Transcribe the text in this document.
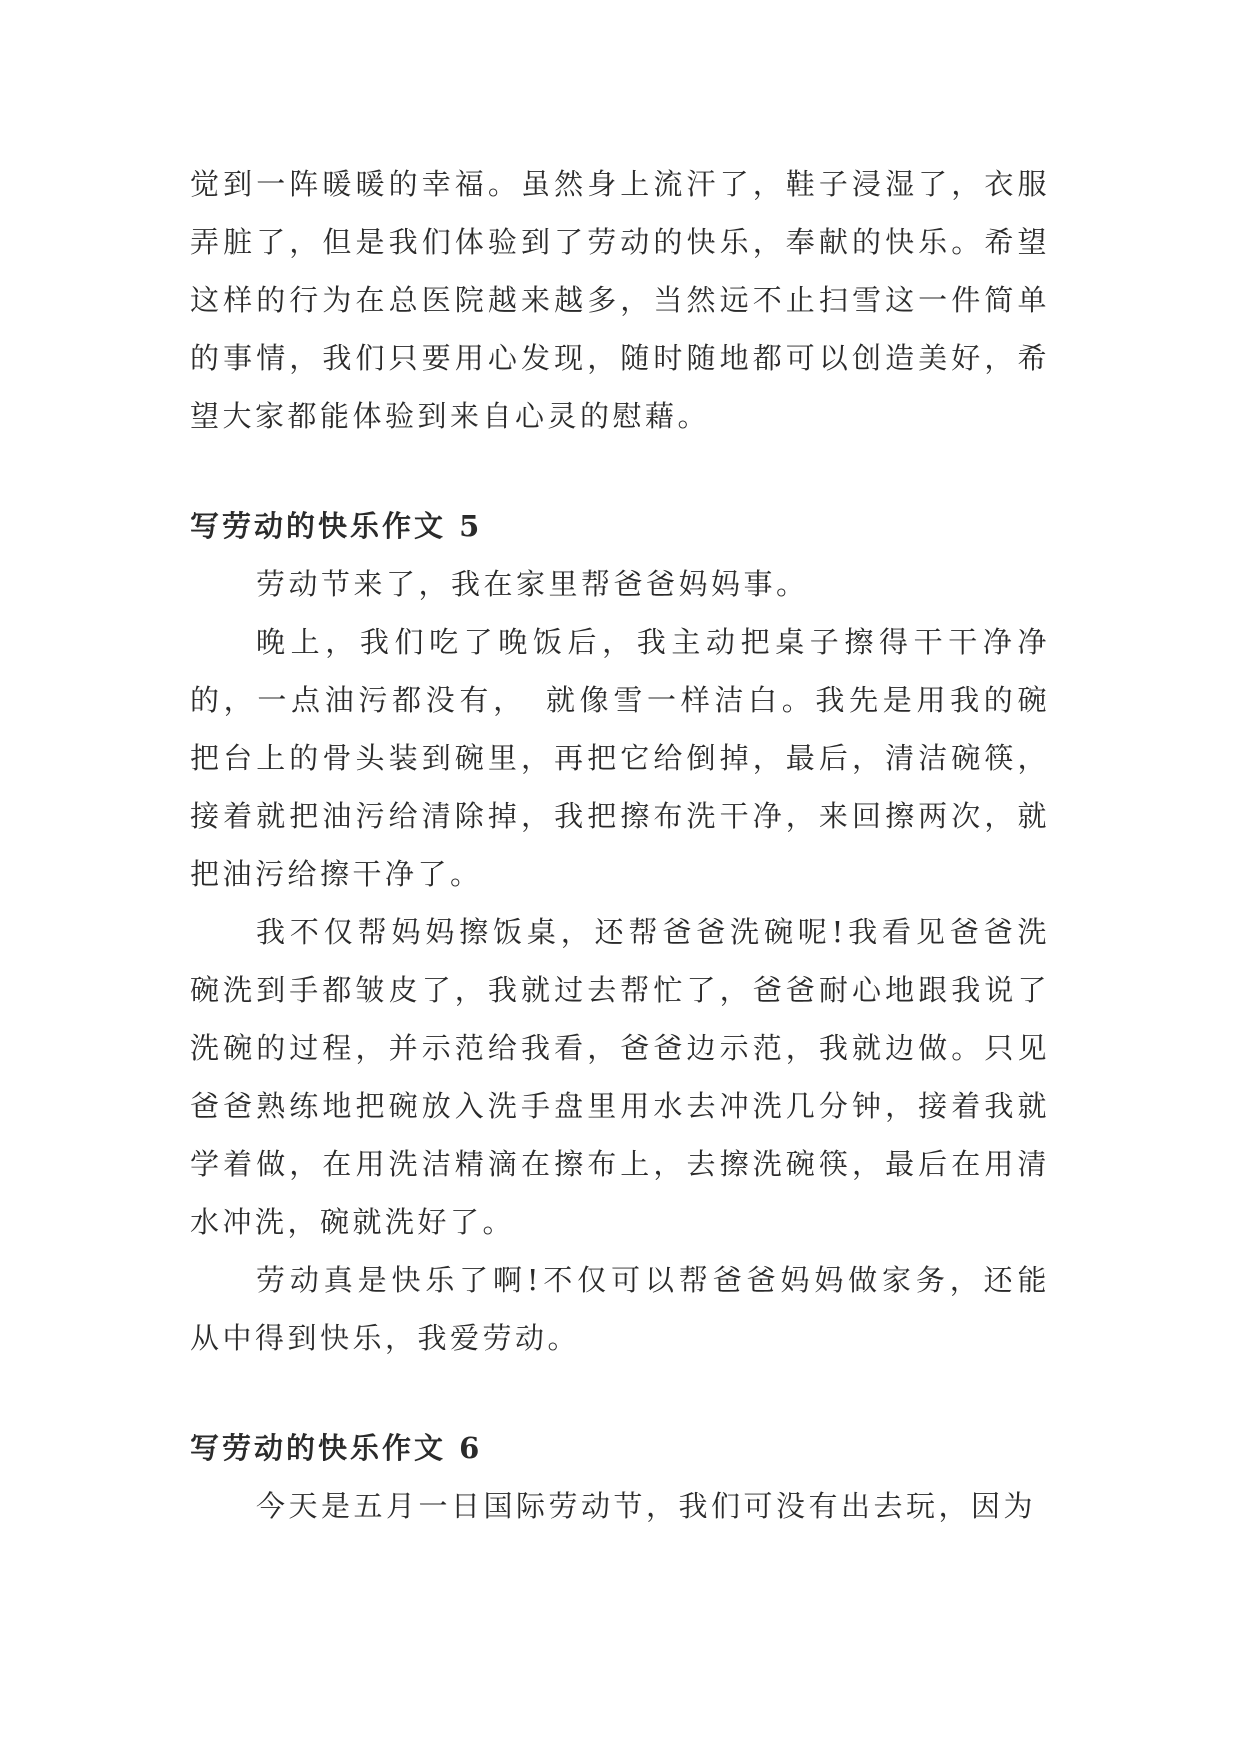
觉到一阵暖暖的幸福。虽然身上流汗了，鞋子浸湿了，衣服弄脏了，但是我们体验到了劳动的快乐，奉献的快乐。希望这样的行为在总医院越来越多，当然远不止扫雪这一件简单的事情，我们只要用心发现，随时随地都可以创造美好，希望大家都能体验到来自心灵的慰藉。

写劳动的快乐作文 5

劳动节来了，我在家里帮爸爸妈妈事。

晚上，我们吃了晚饭后，我主动把桌子擦得干干净净的，一点油污都没有，　就像雪一样洁白。我先是用我的碗把台上的骨头装到碗里，再把它给倒掉，最后，清洁碗筷，接着就把油污给清除掉，我把擦布洗干净，来回擦两次，就把油污给擦干净了。

我不仅帮妈妈擦饭桌，还帮爸爸洗碗呢!我看见爸爸洗碗洗到手都皱皮了，我就过去帮忙了，爸爸耐心地跟我说了洗碗的过程，并示范给我看，爸爸边示范，我就边做。只见爸爸熟练地把碗放入洗手盘里用水去冲洗几分钟，接着我就学着做，在用洗洁精滴在擦布上，去擦洗碗筷，最后在用清水冲洗，碗就洗好了。

劳动真是快乐了啊!不仅可以帮爸爸妈妈做家务，还能从中得到快乐，我爱劳动。

写劳动的快乐作文 6

今天是五月一日国际劳动节，我们可没有出去玩，因为
